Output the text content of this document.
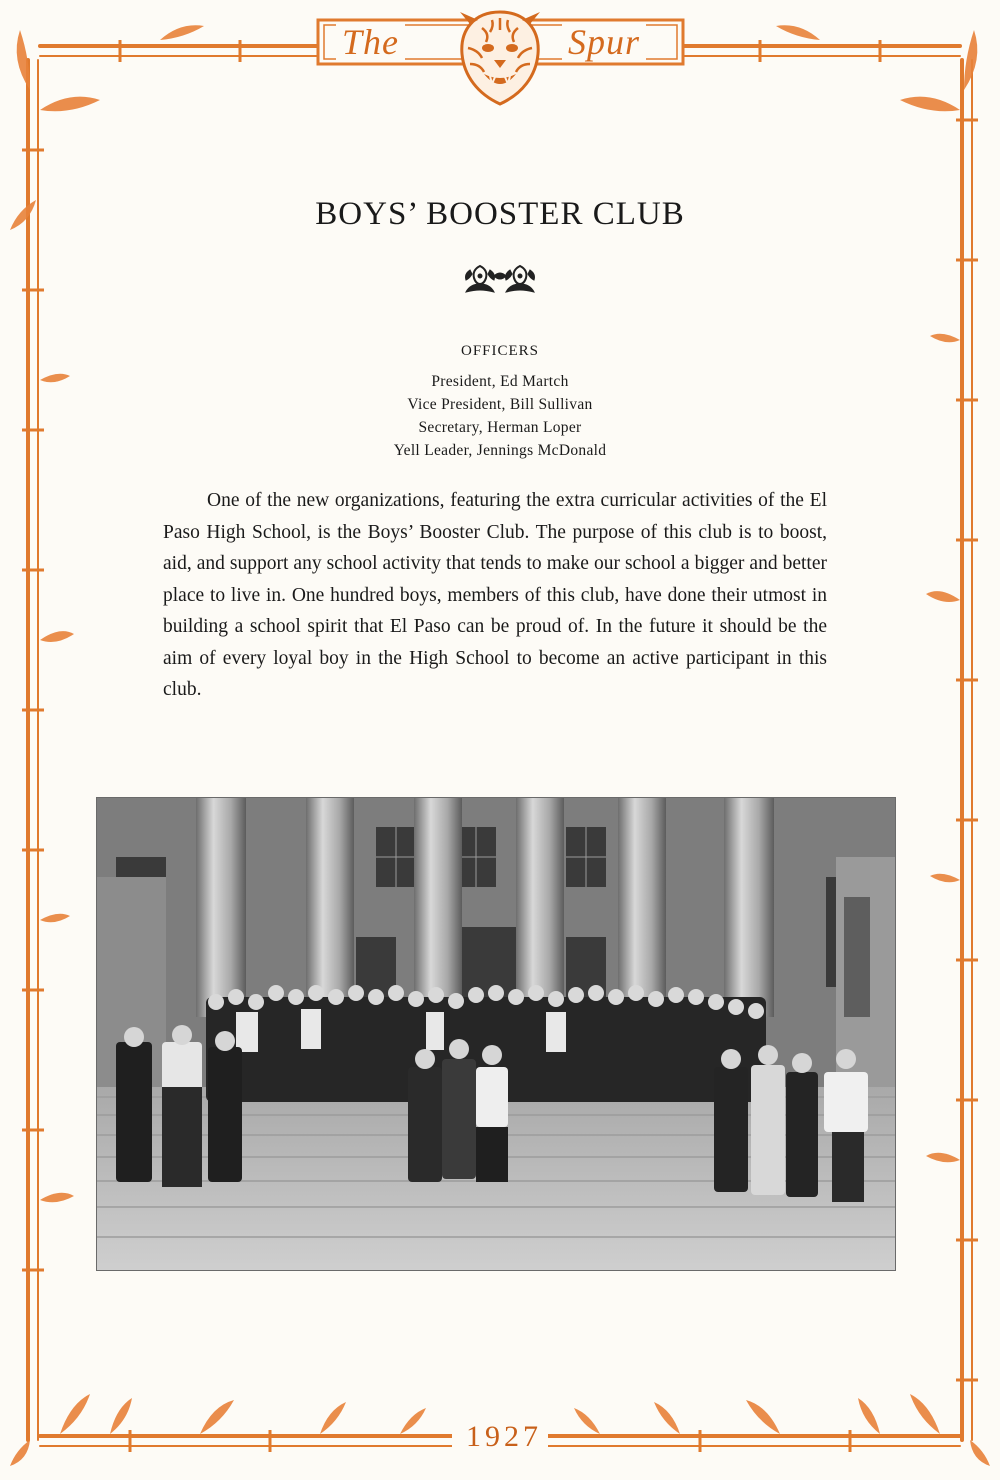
The	Spur
1927
BOYS’ BOOSTER CLUB
OFFICERS
President, Ed Martch
Vice President, Bill Sullivan
Secretary, Herman Loper
Yell Leader, Jennings McDonald

One of the new organizations, featuring the extra curricular activities of the El Paso High School, is the Boys’ Booster Club. The purpose of this club is to boost, aid, and support any school activity that tends to make our school a bigger and better place to live in. One hundred boys, members of this club, have done their utmost in building a school spirit that El Paso can be proud of. In the future it should be the aim of every loyal boy in the High School to become an active participant in this club.
